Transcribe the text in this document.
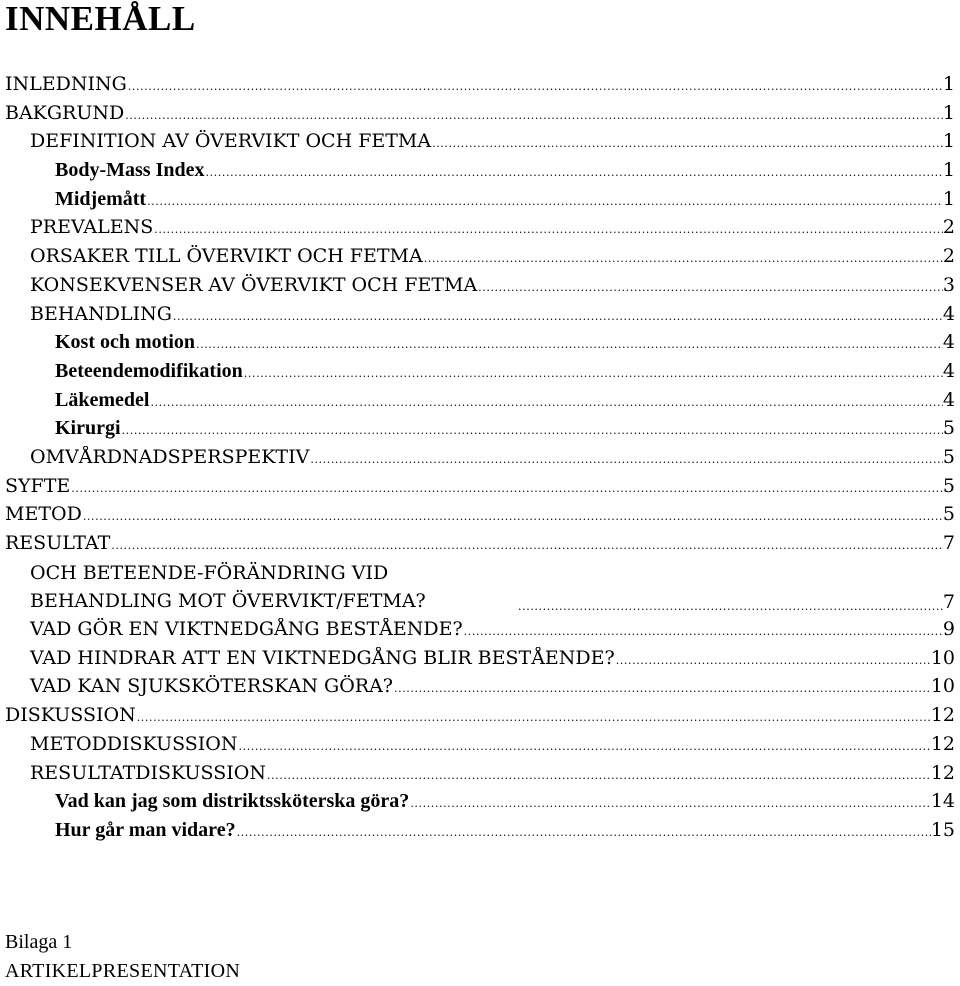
INNEHÅLL
INLEDNING .....	1
BAKGRUND .....	1
DEFINITION AV ÖVERVIKT OCH FETMA .....	1
Body-Mass Index .....	1
Midjemått .....	1
PREVALENS .....	2
ORSAKER TILL ÖVERVIKT OCH FETMA .....	2
KONSEKVENSER AV ÖVERVIKT OCH FETMA .....	3
BEHANDLING .....	4
Kost och motion .....	4
Beteendemodifikation .....	4
Läkemedel .....	4
Kirurgi .....	5
OMVÅRDNADSPERSPEKTIV .....	5
SYFTE .....	5
METOD .....	5
RESULTAT .....	7
OCH BETEENDE-FÖRÄNDRING VID BEHANDLING MOT ÖVERVIKT/FETMA? .....	7
VAD GÖR EN VIKTNEDGÅNG BESTÅENDE? .....	9
VAD HINDRAR ATT EN VIKTNEDGÅNG BLIR BESTÅENDE? .....	10
VAD KAN SJUKSKÖTERSKAN GÖRA? .....	10
DISKUSSION .....	12
METODDISKUSSION .....	12
RESULTATDISKUSSION .....	12
Vad kan jag som distriktssköterska göra? .....	14
Hur går man vidare? .....	15
Bilaga 1
ARTIKELPRESENTATION
